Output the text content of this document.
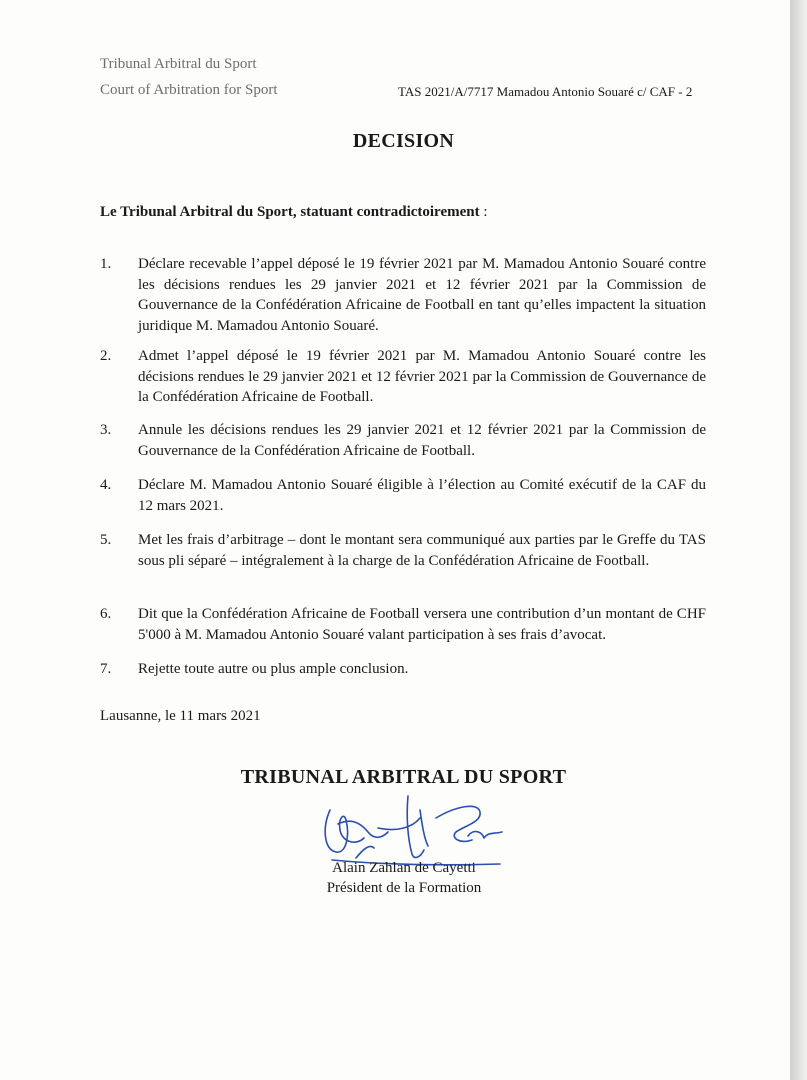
Tribunal Arbitral du Sport
Court of Arbitration for Sport	TAS 2021/A/7717 Mamadou Antonio Souaré c/ CAF - 2
DECISION
Le Tribunal Arbitral du Sport, statuant contradictoirement :
1.	Déclare recevable l’appel déposé le 19 février 2021 par M. Mamadou Antonio Souaré contre les décisions rendues les 29 janvier 2021 et 12 février 2021 par la Commission de Gouvernance de la Confédération Africaine de Football en tant qu’elles impactent la situation juridique M. Mamadou Antonio Souaré.
2.	Admet l’appel déposé le 19 février 2021 par M. Mamadou Antonio Souaré contre les décisions rendues le 29 janvier 2021 et 12 février 2021 par la Commission de Gouvernance de la Confédération Africaine de Football.
3.	Annule les décisions rendues les 29 janvier 2021 et 12 février 2021 par la Commission de Gouvernance de la Confédération Africaine de Football.
4.	Déclare M. Mamadou Antonio Souaré éligible à l’élection au Comité exécutif de la CAF du 12 mars 2021.
5.	Met les frais d’arbitrage – dont le montant sera communiqué aux parties par le Greffe du TAS sous pli séparé – intégralement à la charge de la Confédération Africaine de Football.
6.	Dit que la Confédération Africaine de Football versera une contribution d’un montant de CHF 5'000 à M. Mamadou Antonio Souaré valant participation à ses frais d’avocat.
7.	Rejette toute autre ou plus ample conclusion.
Lausanne, le 11 mars 2021
TRIBUNAL ARBITRAL DU SPORT
Alain Zahlan de Cayetti
Président de la Formation
